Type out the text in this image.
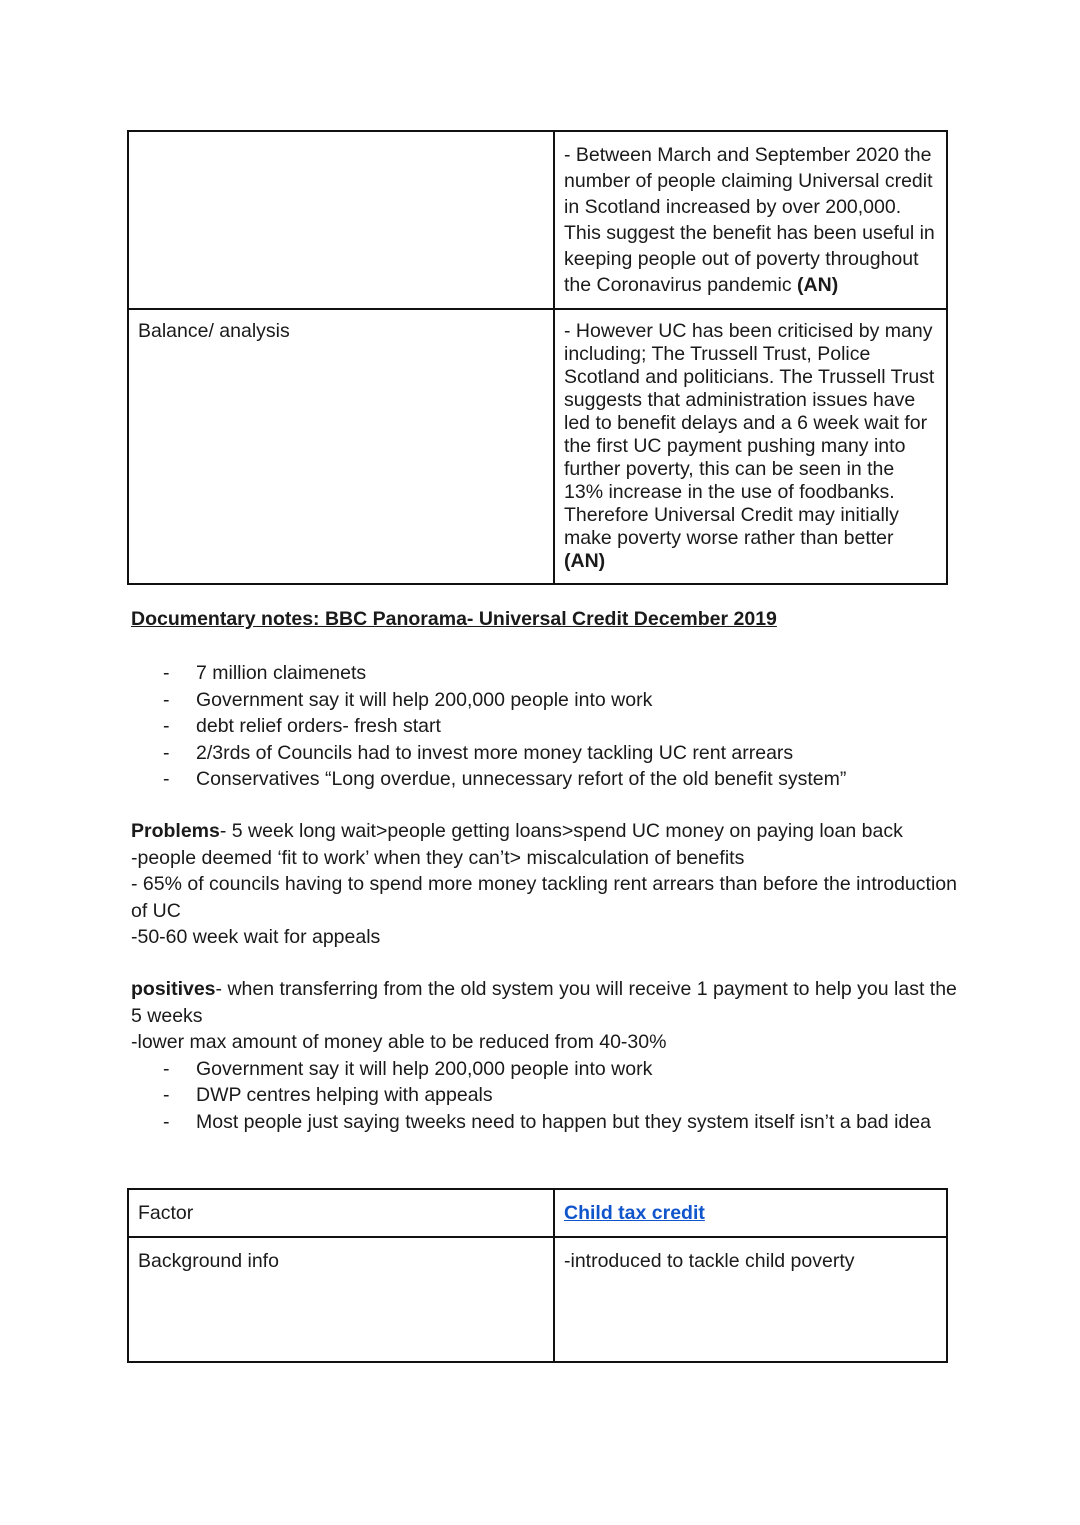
	- Between March and September 2020 the number of people claiming Universal credit in Scotland increased by over 200,000. This suggest the benefit has been useful in keeping people out of poverty throughout the Coronavirus pandemic (AN)
Balance/ analysis	- However UC has been criticised by many including; The Trussell Trust, Police Scotland and politicians. The Trussell Trust suggests that administration issues have led to benefit delays and a 6 week wait for the first UC payment pushing many into further poverty, this can be seen in the 13% increase in the use of foodbanks. Therefore Universal Credit may initially make poverty worse rather than better (AN)
Documentary notes: BBC Panorama- Universal Credit December 2019
- 7 million claimenets
- Government say it will help 200,000 people into work
- debt relief orders- fresh start
- 2/3rds of Councils had to invest more money tackling UC rent arrears
- Conservatives “Long overdue, unnecessary refort of the old benefit system”
Problems- 5 week long wait>people getting loans>spend UC money on paying loan back
-people deemed ‘fit to work’ when they can’t> miscalculation of benefits
- 65% of councils having to spend more money tackling rent arrears than before the introduction of UC
-50-60 week wait for appeals
positives- when transferring from the old system you will receive 1 payment to help you last the 5 weeks
-lower max amount of money able to be reduced from 40-30%
- Government say it will help 200,000 people into work
- DWP centres helping with appeals
- Most people just saying tweeks need to happen but they system itself isn’t a bad idea
Factor	Child tax credit
Background info	-introduced to tackle child poverty
